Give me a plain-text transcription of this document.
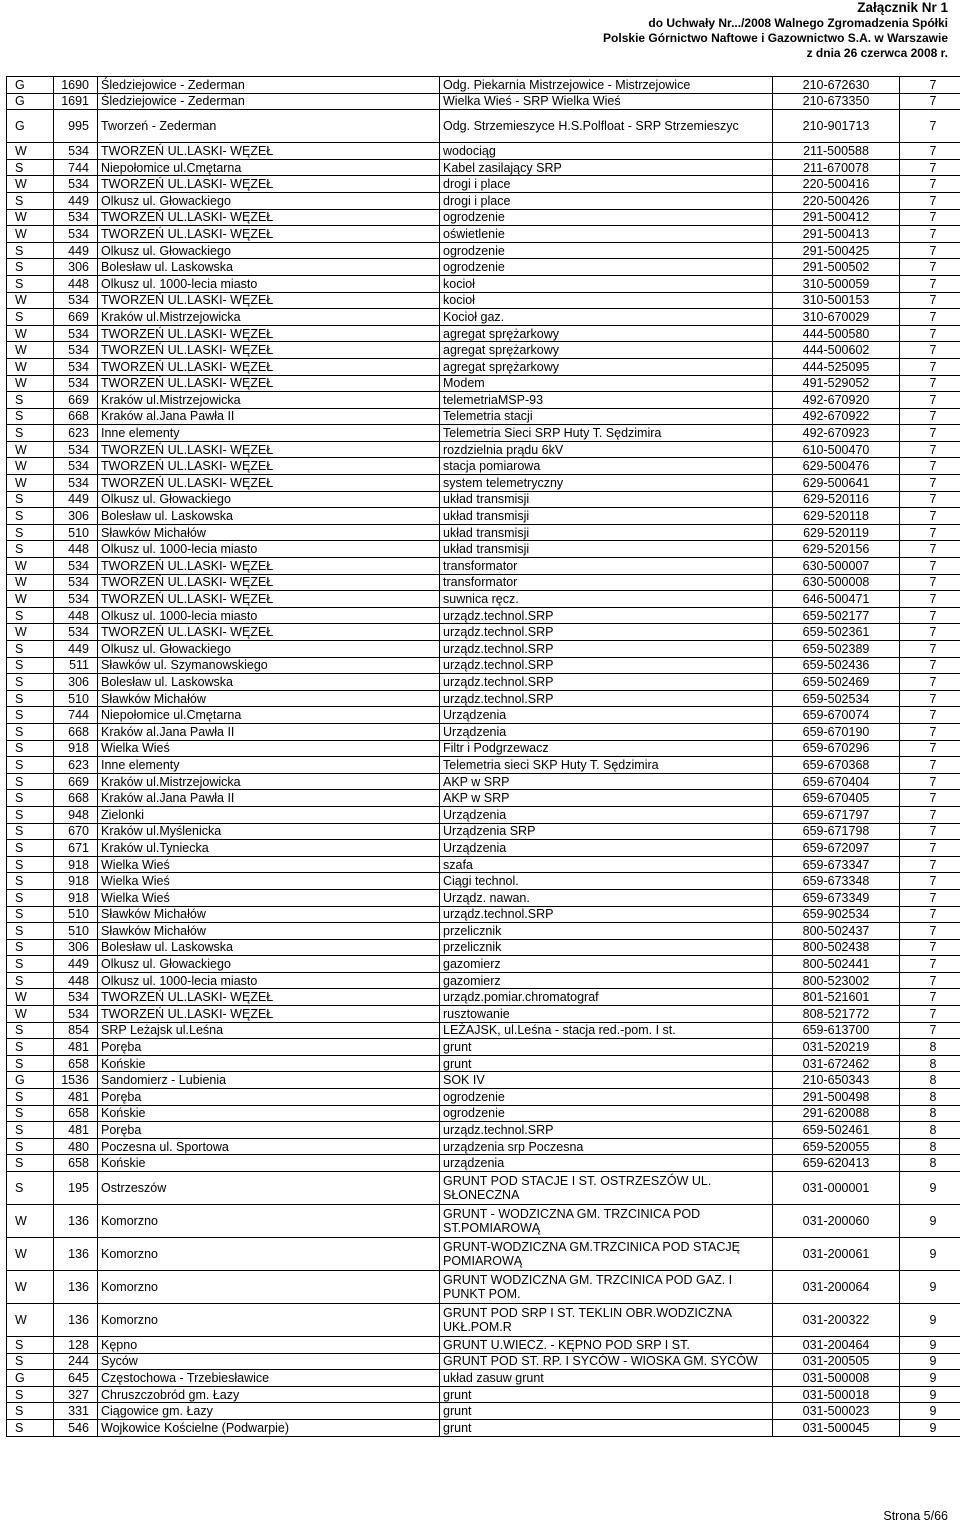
Załącznik Nr 1
do Uchwały Nr.../2008 Walnego Zgromadzenia Spółki
Polskie Górnictwo Naftowe i Gazownictwo S.A. w Warszawie
z dnia 26 czerwca 2008 r.
G	1690	Śledziejowice - Zederman	Odg. Piekarnia Mistrzejowice - Mistrzejowice	210-672630	7
G	1691	Śledziejowice - Zederman	Wielka Wieś - SRP Wielka Wieś	210-673350	7
G	995	Tworzeń - Zederman	Odg. Strzemieszyce H.S.Polfloat - SRP Strzemieszyc	210-901713	7
W	534	TWORZEŃ UL.LASKI- WĘZEŁ	wodociąg	211-500588	7
S	744	Niepołomice ul.Cmętarna	Kabel zasilający SRP	211-670078	7
W	534	TWORZEŃ UL.LASKI- WĘZEŁ	drogi i place	220-500416	7
S	449	Olkusz ul. Głowackiego	drogi i place	220-500426	7
W	534	TWORZEŃ UL.LASKI- WĘZEŁ	ogrodzenie	291-500412	7
W	534	TWORZEŃ UL.LASKI- WĘZEŁ	oświetlenie	291-500413	7
S	449	Olkusz ul. Głowackiego	ogrodzenie	291-500425	7
S	306	Bolesław ul. Laskowska	ogrodzenie	291-500502	7
S	448	Olkusz ul. 1000-lecia miasto	kocioł	310-500059	7
W	534	TWORZEŃ UL.LASKI- WĘZEŁ	kocioł	310-500153	7
S	669	Kraków ul.Mistrzejowicka	Kocioł gaz.	310-670029	7
W	534	TWORZEŃ UL.LASKI- WĘZEŁ	agregat sprężarkowy	444-500580	7
W	534	TWORZEŃ UL.LASKI- WĘZEŁ	agregat sprężarkowy	444-500602	7
W	534	TWORZEŃ UL.LASKI- WĘZEŁ	agregat sprężarkowy	444-525095	7
W	534	TWORZEŃ UL.LASKI- WĘZEŁ	Modem	491-529052	7
S	669	Kraków ul.Mistrzejowicka	telemetriaMSP-93	492-670920	7
S	668	Kraków al.Jana Pawła II	Telemetria stacji	492-670922	7
S	623	Inne elementy	Telemetria Sieci SRP Huty T. Sędzimira	492-670923	7
W	534	TWORZEŃ UL.LASKI- WĘZEŁ	rozdzielnia prądu 6kV	610-500470	7
W	534	TWORZEŃ UL.LASKI- WĘZEŁ	stacja pomiarowa	629-500476	7
W	534	TWORZEŃ UL.LASKI- WĘZEŁ	system telemetryczny	629-500641	7
S	449	Olkusz ul. Głowackiego	układ transmisji	629-520116	7
S	306	Bolesław ul. Laskowska	układ transmisji	629-520118	7
S	510	Sławków Michałów	układ transmisji	629-520119	7
S	448	Olkusz ul. 1000-lecia miasto	układ transmisji	629-520156	7
W	534	TWORZEŃ UL.LASKI- WĘZEŁ	transformator	630-500007	7
W	534	TWORZEŃ UL.LASKI- WĘZEŁ	transformator	630-500008	7
W	534	TWORZEŃ UL.LASKI- WĘZEŁ	suwnica ręcz.	646-500471	7
S	448	Olkusz ul. 1000-lecia miasto	urządz.technol.SRP	659-502177	7
W	534	TWORZEŃ UL.LASKI- WĘZEŁ	urządz.technol.SRP	659-502361	7
S	449	Olkusz ul. Głowackiego	urządz.technol.SRP	659-502389	7
S	511	Sławków ul. Szymanowskiego	urządz.technol.SRP	659-502436	7
S	306	Bolesław ul. Laskowska	urządz.technol.SRP	659-502469	7
S	510	Sławków Michałów	urządz.technol.SRP	659-502534	7
S	744	Niepołomice ul.Cmętarna	Urządzenia	659-670074	7
S	668	Kraków al.Jana Pawła II	Urządzenia	659-670190	7
S	918	Wielka Wieś	Filtr i Podgrzewacz	659-670296	7
S	623	Inne elementy	Telemetria sieci SKP Huty T. Sędzimira	659-670368	7
S	669	Kraków ul.Mistrzejowicka	AKP w SRP	659-670404	7
S	668	Kraków al.Jana Pawła II	AKP w SRP	659-670405	7
S	948	Zielonki	Urządzenia	659-671797	7
S	670	Kraków ul.Myślenicka	Urządzenia SRP	659-671798	7
S	671	Kraków ul.Tyniecka	Urządzenia	659-672097	7
S	918	Wielka Wieś	szafa	659-673347	7
S	918	Wielka Wieś	Ciągi technol.	659-673348	7
S	918	Wielka Wieś	Urządz. nawan.	659-673349	7
S	510	Sławków Michałów	urządz.technol.SRP	659-902534	7
S	510	Sławków Michałów	przelicznik	800-502437	7
S	306	Bolesław ul. Laskowska	przelicznik	800-502438	7
S	449	Olkusz ul. Głowackiego	gazomierz	800-502441	7
S	448	Olkusz ul. 1000-lecia miasto	gazomierz	800-523002	7
W	534	TWORZEŃ UL.LASKI- WĘZEŁ	urządz.pomiar.chromatograf	801-521601	7
W	534	TWORZEŃ UL.LASKI- WĘZEŁ	rusztowanie	808-521772	7
S	854	SRP Leżajsk ul.Leśna	LEŻAJSK, ul.Leśna - stacja red.-pom. I st.	659-613700	7
S	481	Poręba	grunt	031-520219	8
S	658	Końskie	grunt	031-672462	8
G	1536	Sandomierz - Lubienia	SOK IV	210-650343	8
S	481	Poręba	ogrodzenie	291-500498	8
S	658	Końskie	ogrodzenie	291-620088	8
S	481	Poręba	urządz.technol.SRP	659-502461	8
S	480	Poczesna ul. Sportowa	urządzenia srp Poczesna	659-520055	8
S	658	Końskie	urządzenia	659-620413	8
S	195	Ostrzeszów	GRUNT POD STACJE I ST. OSTRZESZÓW UL. SŁONECZNA	031-000001	9
W	136	Komorzno	GRUNT - WODZICZNA GM. TRZCINICA POD ST.POMIAROWĄ	031-200060	9
W	136	Komorzno	GRUNT-WODZICZNA GM.TRZCINICA POD STACJĘ POMIAROWĄ	031-200061	9
W	136	Komorzno	GRUNT WODZICZNA GM. TRZCINICA POD GAZ. I PUNKT POM.	031-200064	9
W	136	Komorzno	GRUNT POD SRP I ST. TEKLIN OBR.WODZICZNA UKŁ.POM.R	031-200322	9
S	128	Kępno	GRUNT U.WIECZ. - KĘPNO POD SRP I ST.	031-200464	9
S	244	Syców	GRUNT POD ST. RP. I SYCÓW - WIOSKA GM. SYCÓW	031-200505	9
G	645	Częstochowa - Trzebiesławice	układ zasuw grunt	031-500008	9
S	327	Chruszczobród gm. Łazy	grunt	031-500018	9
S	331	Ciągowice gm. Łazy	grunt	031-500023	9
S	546	Wojkowice Kościelne (Podwarpie)	grunt	031-500045	9
Strona 5/66
